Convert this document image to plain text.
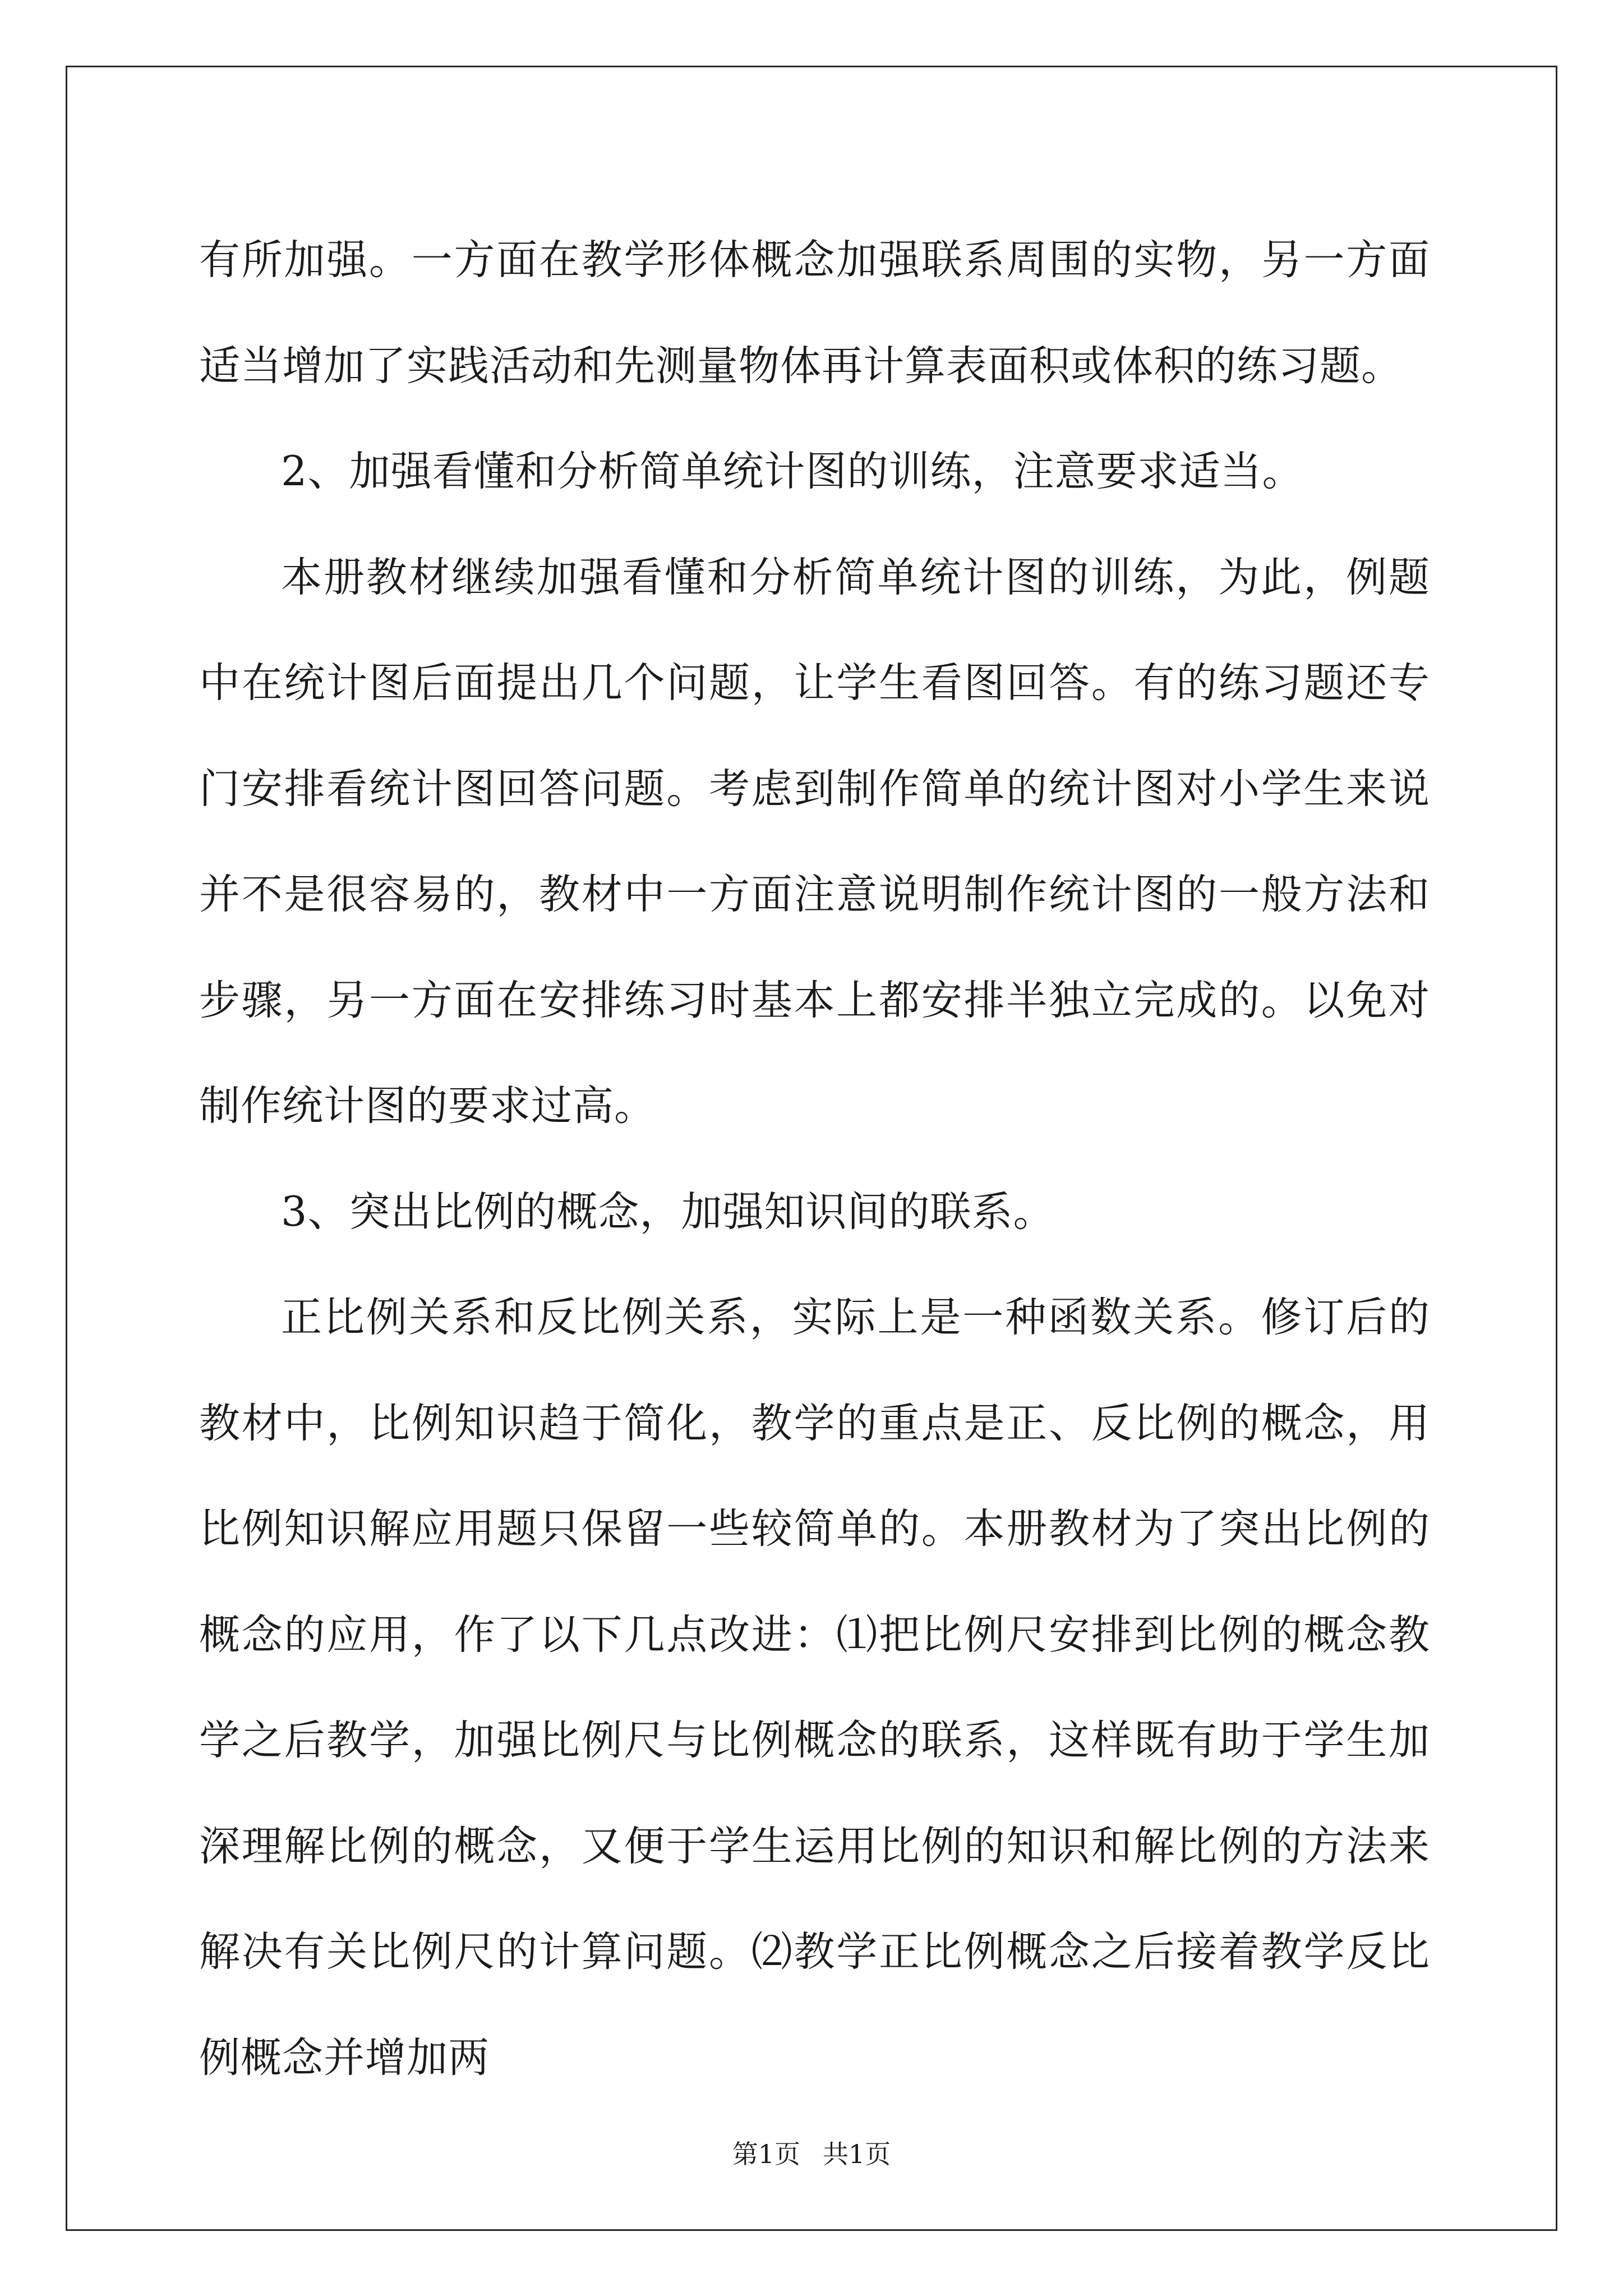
有所加强。一方面在教学形体概念加强联系周围的实物，另一方面适当增加了实践活动和先测量物体再计算表面积或体积的练习题。

2、加强看懂和分析简单统计图的训练，注意要求适当。

本册教材继续加强看懂和分析简单统计图的训练，为此，例题中在统计图后面提出几个问题，让学生看图回答。有的练习题还专门安排看统计图回答问题。考虑到制作简单的统计图对小学生来说并不是很容易的，教材中一方面注意说明制作统计图的一般方法和步骤，另一方面在安排练习时基本上都安排半独立完成的。以免对制作统计图的要求过高。

3、突出比例的概念，加强知识间的联系。

正比例关系和反比例关系，实际上是一种函数关系。修订后的教材中，比例知识趋于简化，教学的重点是正、反比例的概念，用比例知识解应用题只保留一些较简单的。本册教材为了突出比例的概念的应用，作了以下几点改进：⑴把比例尺安排到比例的概念教学之后教学，加强比例尺与比例概念的联系，这样既有助于学生加深理解比例的概念，又便于学生运用比例的知识和解比例的方法来解决有关比例尺的计算问题。⑵教学正比例概念之后接着教学反比例概念并增加两

第1页 共1页
